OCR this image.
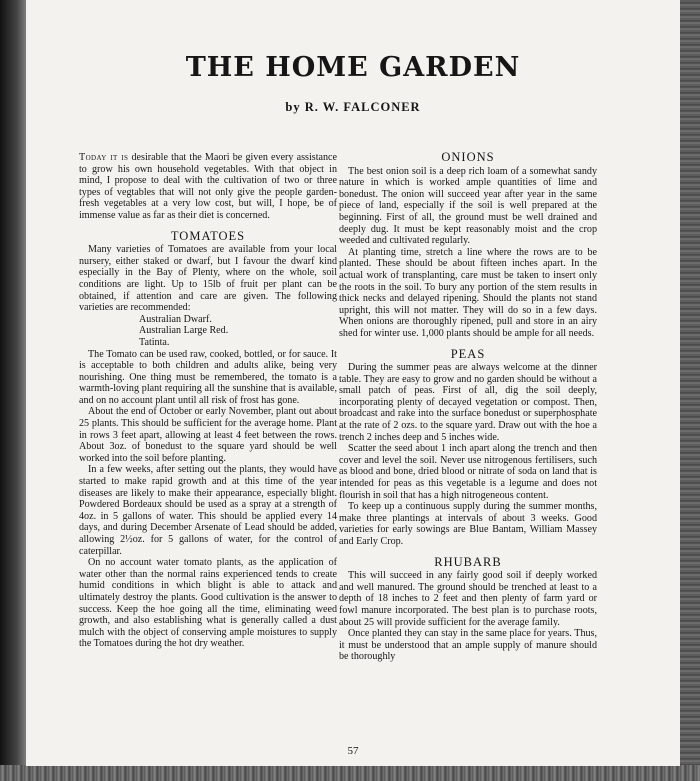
THE HOME GARDEN
by R. W. FALCONER

Today it is desirable that the Maori be given every assistance to grow his own household vegetables. With that object in mind, I propose to deal with the cultivation of two or three types of vegtables that will not only give the people garden-fresh vegetables at a very low cost, but will, I hope, be of immense value as far as their diet is concerned.

TOMATOES

Many varieties of Tomatoes are available from your local nursery, either staked or dwarf, but I favour the dwarf kind especially in the Bay of Plenty, where on the whole, soil conditions are light. Up to 15lb of fruit per plant can be obtained, if attention and care are given. The following varieties are recommended:

Australian Dwarf.
Australian Large Red.
Tatinta.

The Tomato can be used raw, cooked, bottled, or for sauce. It is acceptable to both children and adults alike, being very nourishing. One thing must be remembered, the tomato is a warmth-loving plant requiring all the sunshine that is available, and on no account plant until all risk of frost has gone.

About the end of October or early November, plant out about 25 plants. This should be sufficient for the average home. Plant in rows 3 feet apart, allowing at least 4 feet between the rows. About 3oz. of bonedust to the square yard should be well worked into the soil before planting.

In a few weeks, after setting out the plants, they would have started to make rapid growth and at this time of the year diseases are likely to make their appearance, especially blight. Powdered Bordeaux should be used as a spray at a strength of 4oz. in 5 gallons of water. This should be applied every 14 days, and during December Arsenate of Lead should be added, allowing 2½oz. for 5 gallons of water, for the control of caterpillar.

On no account water tomato plants, as the application of water other than the normal rains experienced tends to create humid conditions in which blight is able to attack and ultimately destroy the plants. Good cultivation is the answer to success. Keep the hoe going all the time, eliminating weed growth, and also establishing what is generally called a dust mulch with the object of conserving ample moistures to supply the Tomatoes during the hot dry weather.

ONIONS

The best onion soil is a deep rich loam of a somewhat sandy nature in which is worked ample quantities of lime and bonedust. The onion will succeed year after year in the same piece of land, especially if the soil is well prepared at the beginning. First of all, the ground must be well drained and deeply dug. It must be kept reasonably moist and the crop weeded and cultivated regularly.

At planting time, stretch a line where the rows are to be planted. These should be about fifteen inches apart. In the actual work of transplanting, care must be taken to insert only the roots in the soil. To bury any portion of the stem results in thick necks and delayed ripening. Should the plants not stand upright, this will not matter. They will do so in a few days. When onions are thoroughly ripened, pull and store in an airy shed for winter use. 1,000 plants should be ample for all needs.

PEAS

During the summer peas are always welcome at the dinner table. They are easy to grow and no garden should be without a small patch of peas. First of all, dig the soil deeply, incorporating plenty of decayed vegetation or compost. Then, broadcast and rake into the surface bonedust or superphosphate at the rate of 2 ozs. to the square yard. Draw out with the hoe a trench 2 inches deep and 5 inches wide.

Scatter the seed about 1 inch apart along the trench and then cover and level the soil. Never use nitrogenous fertilisers, such as blood and bone, dried blood or nitrate of soda on land that is intended for peas as this vegetable is a legume and does not flourish in soil that has a high nitrogeneous content.

To keep up a continuous supply during the summer months, make three plantings at intervals of about 3 weeks. Good varieties for early sowings are Blue Bantam, William Massey and Early Crop.

RHUBARB

This will succeed in any fairly good soil if deeply worked and well manured. The ground should be trenched at least to a depth of 18 inches to 2 feet and then plenty of farm yard or fowl manure incorporated. The best plan is to purchase roots, about 25 will provide sufficient for the average family.

Once planted they can stay in the same place for years. Thus, it must be understood that an ample supply of manure should be thoroughly

57
